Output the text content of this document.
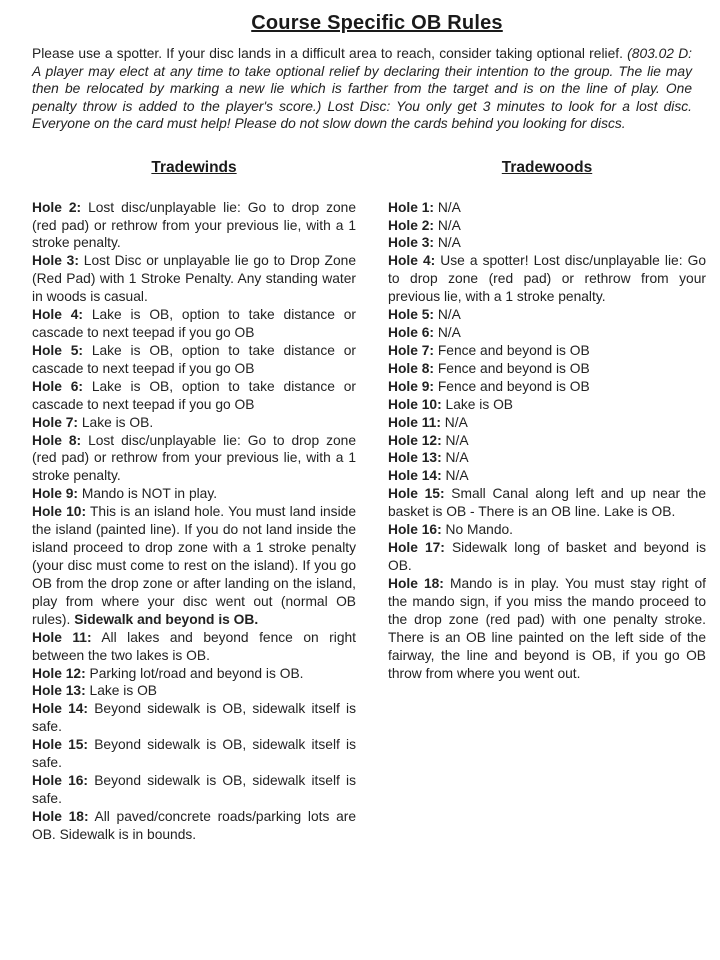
Course Specific OB Rules

Please use a spotter. If your disc lands in a difficult area to reach, consider taking optional relief. (803.02 D: A player may elect at any time to take optional relief by declaring their intention to the group. The lie may then be relocated by marking a new lie which is farther from the target and is on the line of play. One penalty throw is added to the player's score.) Lost Disc: You only get 3 minutes to look for a lost disc. Everyone on the card must help! Please do not slow down the cards behind you looking for discs.

Tradewinds

Hole 2: Lost disc/unplayable lie: Go to drop zone (red pad) or rethrow from your previous lie, with a 1 stroke penalty.

Hole 3: Lost Disc or unplayable lie go to Drop Zone (Red Pad) with 1 Stroke Penalty. Any standing water in woods is casual.

Hole 4: Lake is OB, option to take distance or cascade to next teepad if you go OB

Hole 5: Lake is OB, option to take distance or cascade to next teepad if you go OB

Hole 6: Lake is OB, option to take distance or cascade to next teepad if you go OB

Hole 7: Lake is OB.

Hole 8: Lost disc/unplayable lie: Go to drop zone (red pad) or rethrow from your previous lie, with a 1 stroke penalty.

Hole 9: Mando is NOT in play.

Hole 10: This is an island hole. You must land inside the island (painted line). If you do not land inside the island proceed to drop zone with a 1 stroke penalty (your disc must come to rest on the island). If you go OB from the drop zone or after landing on the island, play from where your disc went out (normal OB rules). Sidewalk and beyond is OB.

Hole 11: All lakes and beyond fence on right between the two lakes is OB.

Hole 12: Parking lot/road and beyond is OB.

Hole 13: Lake is OB

Hole 14: Beyond sidewalk is OB, sidewalk itself is safe.

Hole 15: Beyond sidewalk is OB, sidewalk itself is safe.

Hole 16: Beyond sidewalk is OB, sidewalk itself is safe.

Hole 18: All paved/concrete roads/parking lots are OB. Sidewalk is in bounds.

Tradewoods

Hole 1: N/A

Hole 2: N/A

Hole 3: N/A

Hole 4: Use a spotter! Lost disc/unplayable lie: Go to drop zone (red pad) or rethrow from your previous lie, with a 1 stroke penalty.

Hole 5: N/A

Hole 6: N/A

Hole 7: Fence and beyond is OB

Hole 8: Fence and beyond is OB

Hole 9: Fence and beyond is OB

Hole 10: Lake is OB

Hole 11: N/A

Hole 12: N/A

Hole 13: N/A

Hole 14: N/A

Hole 15: Small Canal along left and up near the basket is OB - There is an OB line. Lake is OB.

Hole 16: No Mando.

Hole 17: Sidewalk long of basket and beyond is OB.

Hole 18: Mando is in play. You must stay right of the mando sign, if you miss the mando proceed to the drop zone (red pad) with one penalty stroke. There is an OB line painted on the left side of the fairway, the line and beyond is OB, if you go OB throw from where you went out.
